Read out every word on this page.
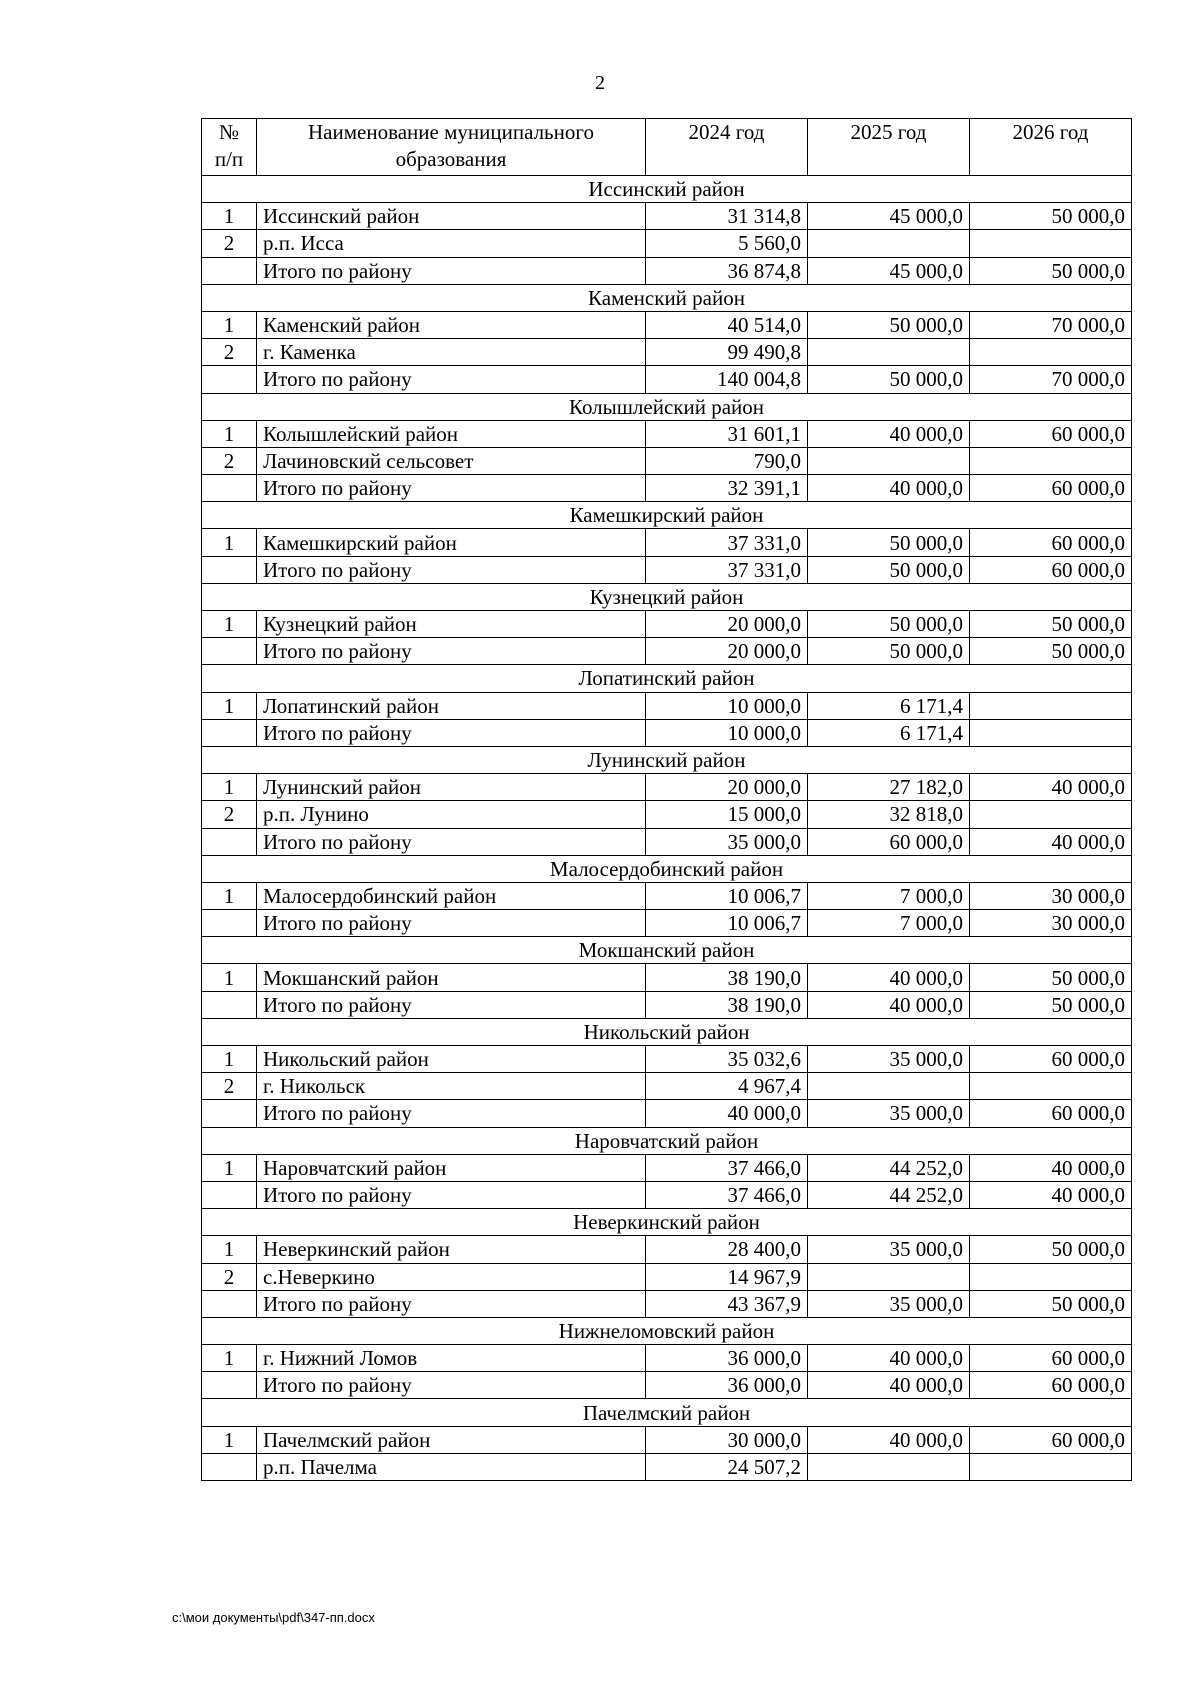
2
№ п/п	Наименование муниципального образования	2024 год	2025 год	2026 год
Иссинский район				
1	Иссинский район	31 314,8	45 000,0	50 000,0
2	р.п. Исса	5 560,0		
	Итого по району	36 874,8	45 000,0	50 000,0
Каменский район				
1	Каменский район	40 514,0	50 000,0	70 000,0
2	г. Каменка	99 490,8		
	Итого по району	140 004,8	50 000,0	70 000,0
Колышлейский район				
1	Колышлейский район	31 601,1	40 000,0	60 000,0
2	Лачиновский сельсовет	790,0		
	Итого по району	32 391,1	40 000,0	60 000,0
Камешкирский район				
1	Камешкирский район	37 331,0	50 000,0	60 000,0
	Итого по району	37 331,0	50 000,0	60 000,0
Кузнецкий район				
1	Кузнецкий район	20 000,0	50 000,0	50 000,0
	Итого по району	20 000,0	50 000,0	50 000,0
Лопатинский район				
1	Лопатинский район	10 000,0	6 171,4	
	Итого по району	10 000,0	6 171,4	
Лунинский район				
1	Лунинский район	20 000,0	27 182,0	40 000,0
2	р.п. Лунино	15 000,0	32 818,0	
	Итого по району	35 000,0	60 000,0	40 000,0
Малосердобинский район				
1	Малосердобинский район	10 006,7	7 000,0	30 000,0
	Итого по району	10 006,7	7 000,0	30 000,0
Мокшанский район				
1	Мокшанский район	38 190,0	40 000,0	50 000,0
	Итого по району	38 190,0	40 000,0	50 000,0
Никольский район				
1	Никольский район	35 032,6	35 000,0	60 000,0
2	г. Никольск	4 967,4		
	Итого по району	40 000,0	35 000,0	60 000,0
Наровчатский район				
1	Наровчатский район	37 466,0	44 252,0	40 000,0
	Итого по району	37 466,0	44 252,0	40 000,0
Неверкинский район				
1	Неверкинский район	28 400,0	35 000,0	50 000,0
2	с.Неверкино	14 967,9		
	Итого по району	43 367,9	35 000,0	50 000,0
Нижнеломовский район				
1	г. Нижний Ломов	36 000,0	40 000,0	60 000,0
	Итого по району	36 000,0	40 000,0	60 000,0
Пачелмский район				
1	Пачелмский район	30 000,0	40 000,0	60 000,0
	р.п. Пачелма	24 507,2		
c:\мои документы\pdf\347-пп.docx
